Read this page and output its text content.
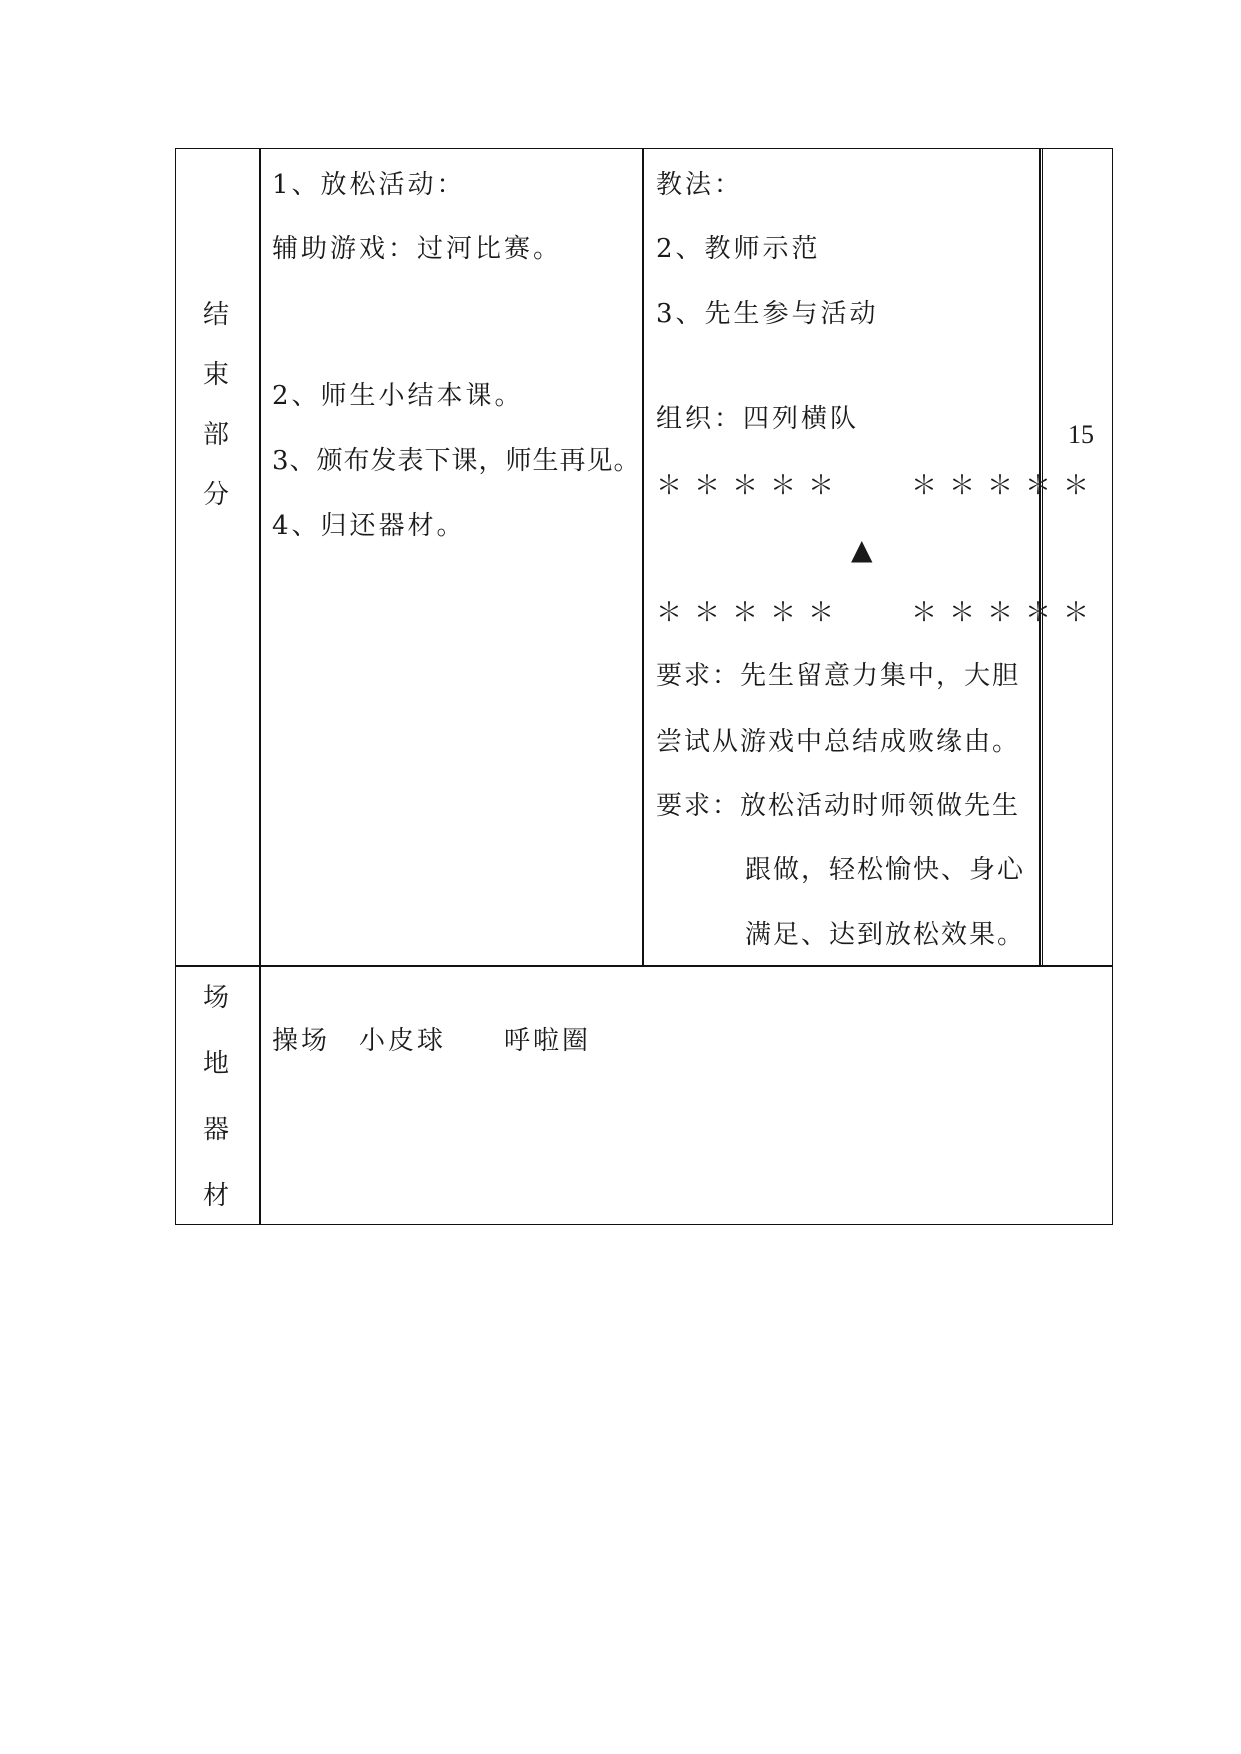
结
束
部
分
1、放松活动：
辅助游戏：过河比赛。
2、师生小结本课。
3、颁布发表下课，师生再见。
4、归还器材。
教法：
2、教师示范
3、先生参与活动
组织：四列横队
＊＊＊＊＊ ＊＊＊＊＊
▲
＊＊＊＊＊ ＊＊＊＊＊
要求：先生留意力集中，大胆
尝试从游戏中总结成败缘由。
要求：放松活动时师领做先生
跟做，轻松愉快、身心
满足、达到放松效果。
15
场
地
器
材
操场　小皮球　　呼啦圈
